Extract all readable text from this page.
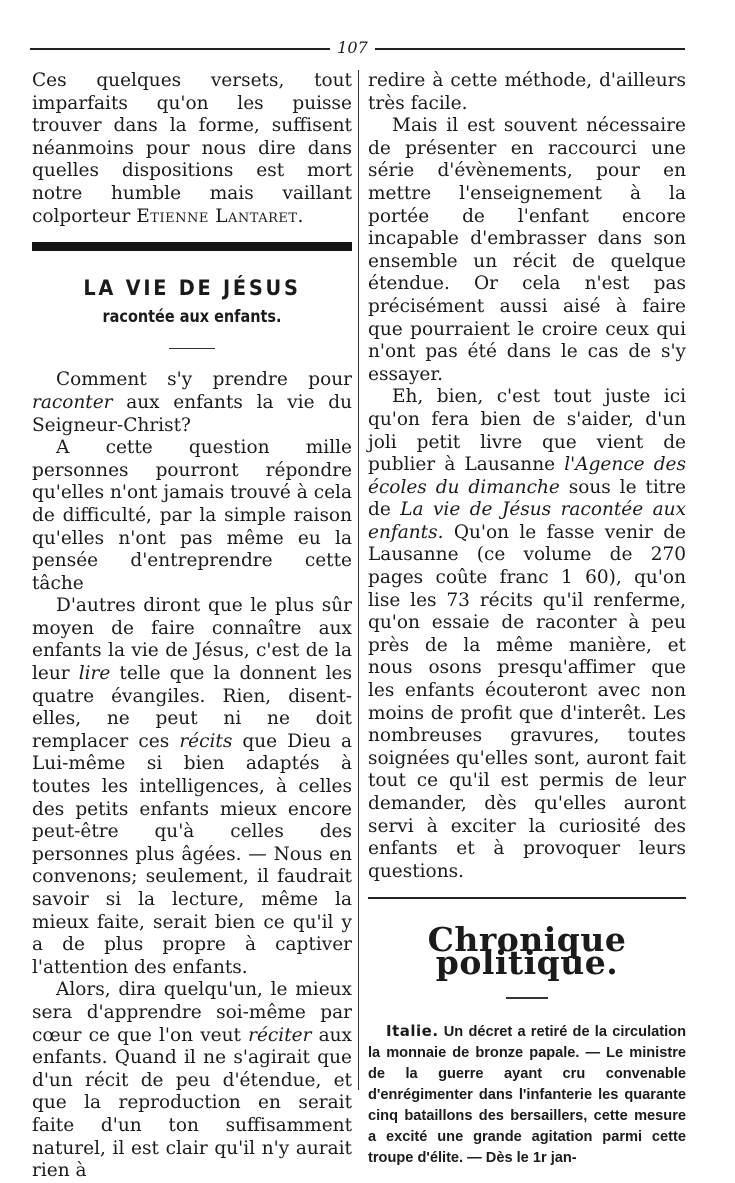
107

Ces quelques versets, tout imparfaits qu'on les puisse trouver dans la forme, suffisent néanmoins pour nous dire dans quelles dispositions est mort notre humble mais vaillant colporteur Etienne Lantaret.

LA VIE DE JÉSUS
racontée aux enfants.

Comment s'y prendre pour raconter aux enfants la vie du Seigneur-Christ?

A cette question mille personnes pourront répondre qu'elles n'ont jamais trouvé à cela de difficulté, par la simple raison qu'elles n'ont pas même eu la pensée d'entreprendre cette tâche

D'autres diront que le plus sûr moyen de faire connaître aux enfants la vie de Jésus, c'est de la leur lire telle que la donnent les quatre évangiles. Rien, disent-elles, ne peut ni ne doit remplacer ces récits que Dieu a Lui-même si bien adaptés à toutes les intelligences, à celles des petits enfants mieux encore peut-être qu'à celles des personnes plus âgées. — Nous en convenons; seulement, il faudrait savoir si la lecture, même la mieux faite, serait bien ce qu'il y a de plus propre à captiver l'attention des enfants.

Alors, dira quelqu'un, le mieux sera d'apprendre soi-même par cœur ce que l'on veut réciter aux enfants. Quand il ne s'agirait que d'un récit de peu d'étendue, et que la reproduction en serait faite d'un ton suffisamment naturel, il est clair qu'il n'y aurait rien à

redire à cette méthode, d'ailleurs très facile.

Mais il est souvent nécessaire de présenter en raccourci une série d'évènements, pour en mettre l'enseignement à la portée de l'enfant encore incapable d'embrasser dans son ensemble un récit de quelque étendue. Or cela n'est pas précisément aussi aisé à faire que pourraient le croire ceux qui n'ont pas été dans le cas de s'y essayer.

Eh, bien, c'est tout juste ici qu'on fera bien de s'aider, d'un joli petit livre que vient de publier à Lausanne l'Agence des écoles du dimanche sous le titre de La vie de Jésus racontée aux enfants. Qu'on le fasse venir de Lausanne (ce volume de 270 pages coûte franc 1 60), qu'on lise les 73 récits qu'il renferme, qu'on essaie de raconter à peu près de la même manière, et nous osons presqu'affimer que les enfants écouteront avec non moins de profit que d'interêt. Les nombreuses gravures, toutes soignées qu'elles sont, auront fait tout ce qu'il est permis de leur demander, dès qu'elles auront servi à exciter la curiosité des enfants et à provoquer leurs questions.

Chronique politique.

Italie. Un décret a retiré de la circulation la monnaie de bronze papale. — Le ministre de la guerre ayant cru convenable d'enrégimenter dans l'infanterie les quarante cinq bataillons des bersaillers, cette mesure a excité une grande agitation parmi cette troupe d'élite. — Dès le 1r jan-
